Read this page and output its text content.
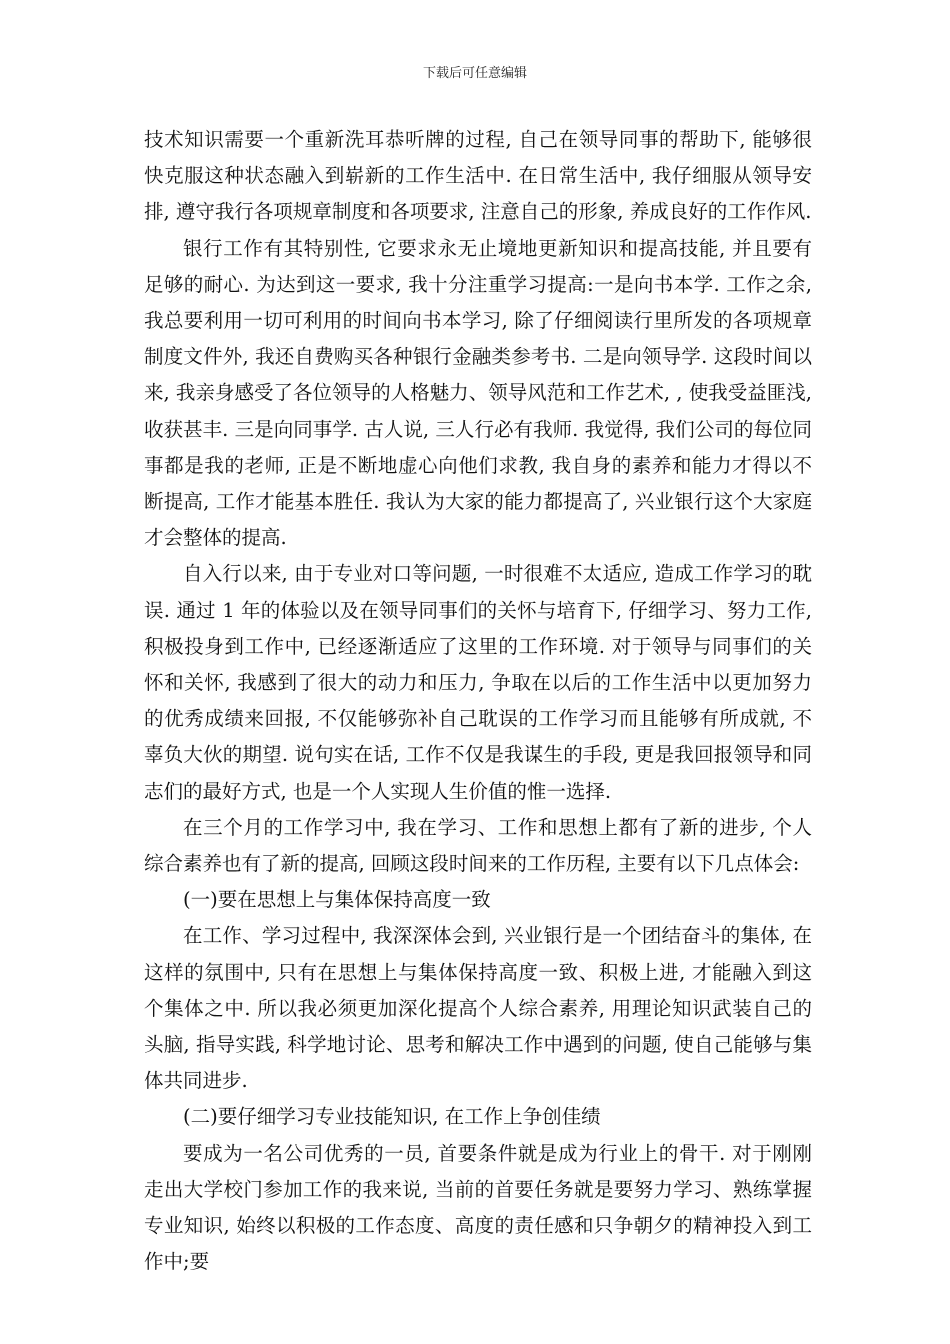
下载后可任意编辑

技术知识需要一个重新洗耳恭听牌的过程, 自己在领导同事的帮助下, 能够很快克服这种状态融入到崭新的工作生活中. 在日常生活中, 我仔细服从领导安排, 遵守我行各项规章制度和各项要求, 注意自己的形象, 养成良好的工作作风.

银行工作有其特别性, 它要求永无止境地更新知识和提高技能, 并且要有足够的耐心. 为达到这一要求, 我十分注重学习提高:一是向书本学. 工作之余, 我总要利用一切可利用的时间向书本学习, 除了仔细阅读行里所发的各项规章制度文件外, 我还自费购买各种银行金融类参考书. 二是向领导学. 这段时间以来, 我亲身感受了各位领导的人格魅力、领导风范和工作艺术, , 使我受益匪浅, 收获甚丰. 三是向同事学. 古人说, 三人行必有我师. 我觉得, 我们公司的每位同事都是我的老师, 正是不断地虚心向他们求教, 我自身的素养和能力才得以不断提高, 工作才能基本胜任. 我认为大家的能力都提高了, 兴业银行这个大家庭才会整体的提高.

自入行以来, 由于专业对口等问题, 一时很难不太适应, 造成工作学习的耽误. 通过 1 年的体验以及在领导同事们的关怀与培育下, 仔细学习、努力工作, 积极投身到工作中, 已经逐渐适应了这里的工作环境. 对于领导与同事们的关怀和关怀, 我感到了很大的动力和压力, 争取在以后的工作生活中以更加努力的优秀成绩来回报, 不仅能够弥补自己耽误的工作学习而且能够有所成就, 不辜负大伙的期望. 说句实在话, 工作不仅是我谋生的手段, 更是我回报领导和同志们的最好方式, 也是一个人实现人生价值的惟一选择.

在三个月的工作学习中, 我在学习、工作和思想上都有了新的进步, 个人综合素养也有了新的提高, 回顾这段时间来的工作历程, 主要有以下几点体会:

(一)要在思想上与集体保持高度一致

在工作、学习过程中, 我深深体会到, 兴业银行是一个团结奋斗的集体, 在这样的氛围中, 只有在思想上与集体保持高度一致、积极上进, 才能融入到这个集体之中. 所以我必须更加深化提高个人综合素养, 用理论知识武装自己的头脑, 指导实践, 科学地讨论、思考和解决工作中遇到的问题, 使自己能够与集体共同进步.

(二)要仔细学习专业技能知识, 在工作上争创佳绩

要成为一名公司优秀的一员, 首要条件就是成为行业上的骨干. 对于刚刚走出大学校门参加工作的我来说, 当前的首要任务就是要努力学习、熟练掌握专业知识, 始终以积极的工作态度、高度的责任感和只争朝夕的精神投入到工作中;要
